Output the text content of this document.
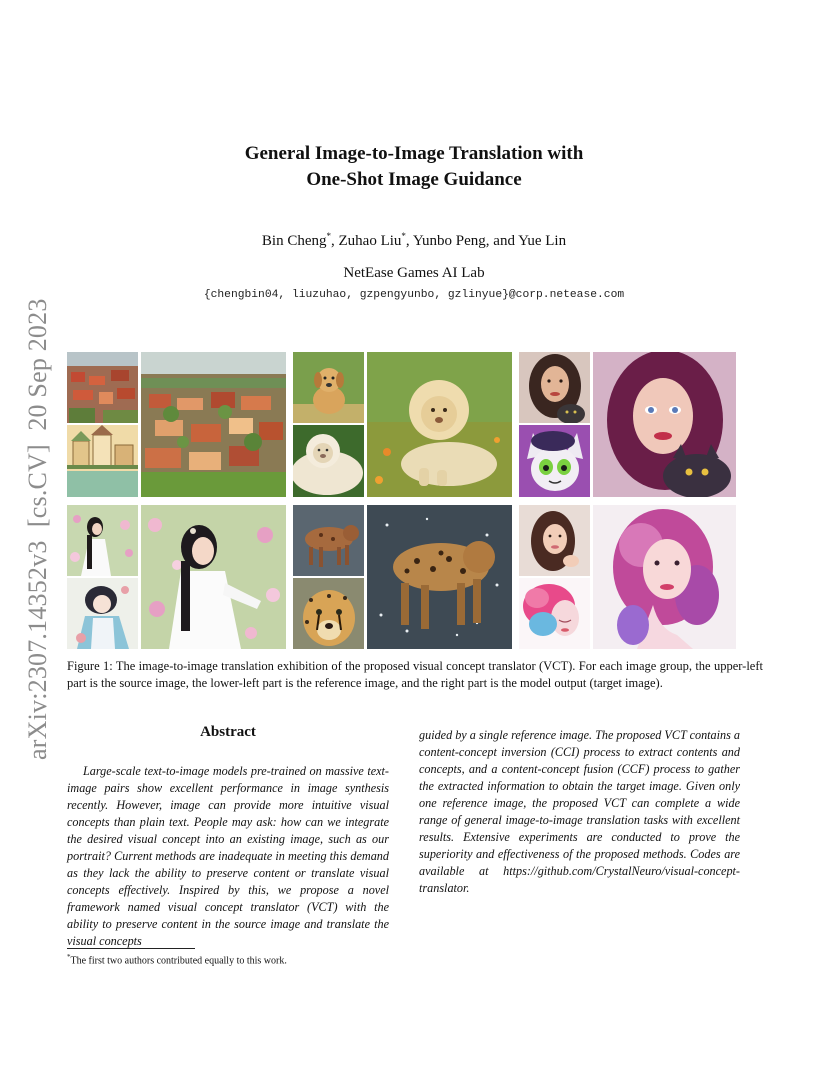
arXiv:2307.14352v3  [cs.CV]  20 Sep 2023
General Image-to-Image Translation with
One-Shot Image Guidance
Bin Cheng*, Zuhao Liu*, Yunbo Peng, and Yue Lin
NetEase Games AI Lab
{chengbin04, liuzuhao, gzpengyunbo, gzlinyue}@corp.netease.com
Figure 1: The image-to-image translation exhibition of the proposed visual concept translator (VCT). For each image group, the upper-left part is the source image, the lower-left part is the reference image, and the right part is the model output (target image).
Abstract
Large-scale text-to-image models pre-trained on massive text-image pairs show excellent performance in image synthesis recently. However, image can provide more intuitive visual concepts than plain text. People may ask: how can we integrate the desired visual concept into an existing image, such as our portrait? Current methods are inadequate in meeting this demand as they lack the ability to preserve content or translate visual concepts effectively. Inspired by this, we propose a novel framework named visual concept translator (VCT) with the ability to preserve content in the source image and translate the visual concepts
guided by a single reference image. The proposed VCT contains a content-concept inversion (CCI) process to extract contents and concepts, and a content-concept fusion (CCF) process to gather the extracted information to obtain the target image. Given only one reference image, the proposed VCT can complete a wide range of general image-to-image translation tasks with excellent results. Extensive experiments are conducted to prove the superiority and effectiveness of the proposed methods. Codes are available at https://github.com/CrystalNeuro/visual-concept-translator.
*The first two authors contributed equally to this work.
